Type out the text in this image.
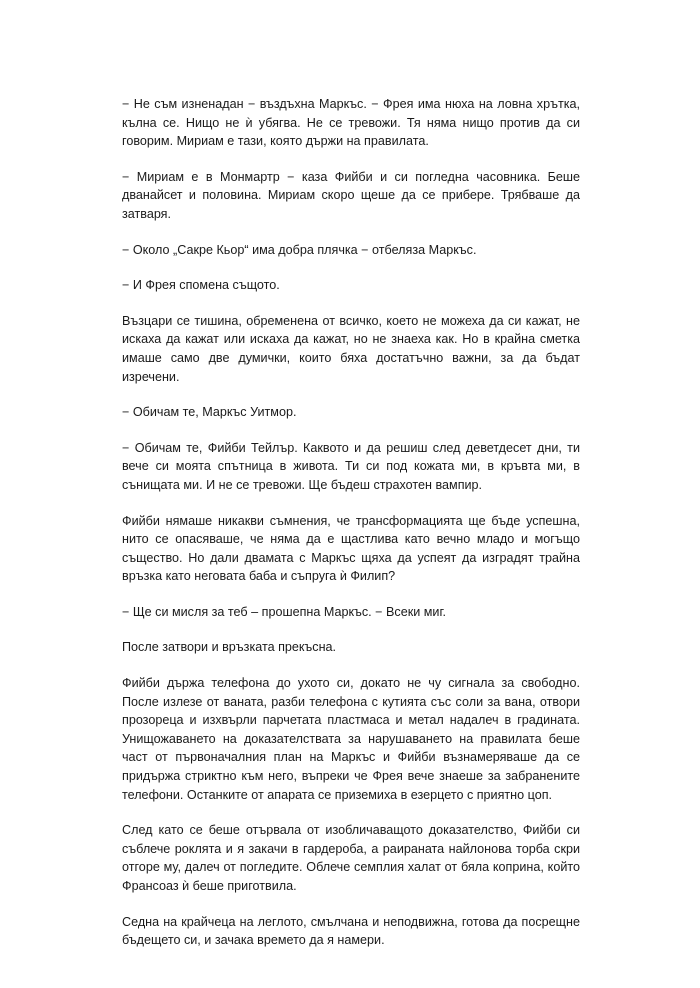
− Не съм изненадан − въздъхна Маркъс. − Фрея има нюха на ловна хрътка, кълна се. Нищо не ѝ убягва. Не се тревожи. Тя няма нищо против да си говорим. Мириам е тази, която държи на правилата.

− Мириам е в Монмартр − каза Фийби и си погледна часовника. Беше дванайсет и половина. Мириам скоро щеше да се прибере. Трябваше да затваря.

− Около „Сакре Кьор“ има добра плячка − отбеляза Маркъс.

− И Фрея спомена същото.

Възцари се тишина, обременена от всичко, което не можеха да си кажат, не искаха да кажат или искаха да кажат, но не знаеха как. Но в крайна сметка имаше само две думички, които бяха достатъчно важни, за да бъдат изречени.

− Обичам те, Маркъс Уитмор.

− Обичам те, Фийби Тейлър. Каквото и да решиш след деветдесет дни, ти вече си моята спътница в живота. Ти си под кожата ми, в кръвта ми, в сънищата ми. И не се тревожи. Ще бъдеш страхотен вампир.

Фийби нямаше никакви съмнения, че трансформацията ще бъде успешна, нито се опасяваше, че няма да е щастлива като вечно младо и могъщо същество. Но дали двамата с Маркъс щяха да успеят да изградят трайна връзка като неговата баба и съпруга ѝ Филип?

− Ще си мисля за теб – прошепна Маркъс. − Всеки миг.

После затвори и връзката прекъсна.

Фийби държа телефона до ухото си, докато не чу сигнала за свободно. После излезе от ваната, разби телефона с кутията със соли за вана, отвори прозореца и изхвърли парчетата пластмаса и метал надалеч в градината. Унищожаването на доказателствата за нарушаването на правилата беше част от първоначалния план на Маркъс и Фийби възнамеряваше да се придържа стриктно към него, въпреки че Фрея вече знаеше за забранените телефони. Останките от апарата се приземиха в езерцето с приятно цоп.

След като се беше отървала от изобличаващото доказателство, Фийби си съблече роклята и я закачи в гардероба, а раираната найлонова торба скри отгоре му, далеч от погледите. Облече семплия халат от бяла коприна, който Франсоаз ѝ беше приготвила.

Седна на крайчеца на леглото, смълчана и неподвижна, готова да посрещне бъдещето си, и зачака времето да я намери.
